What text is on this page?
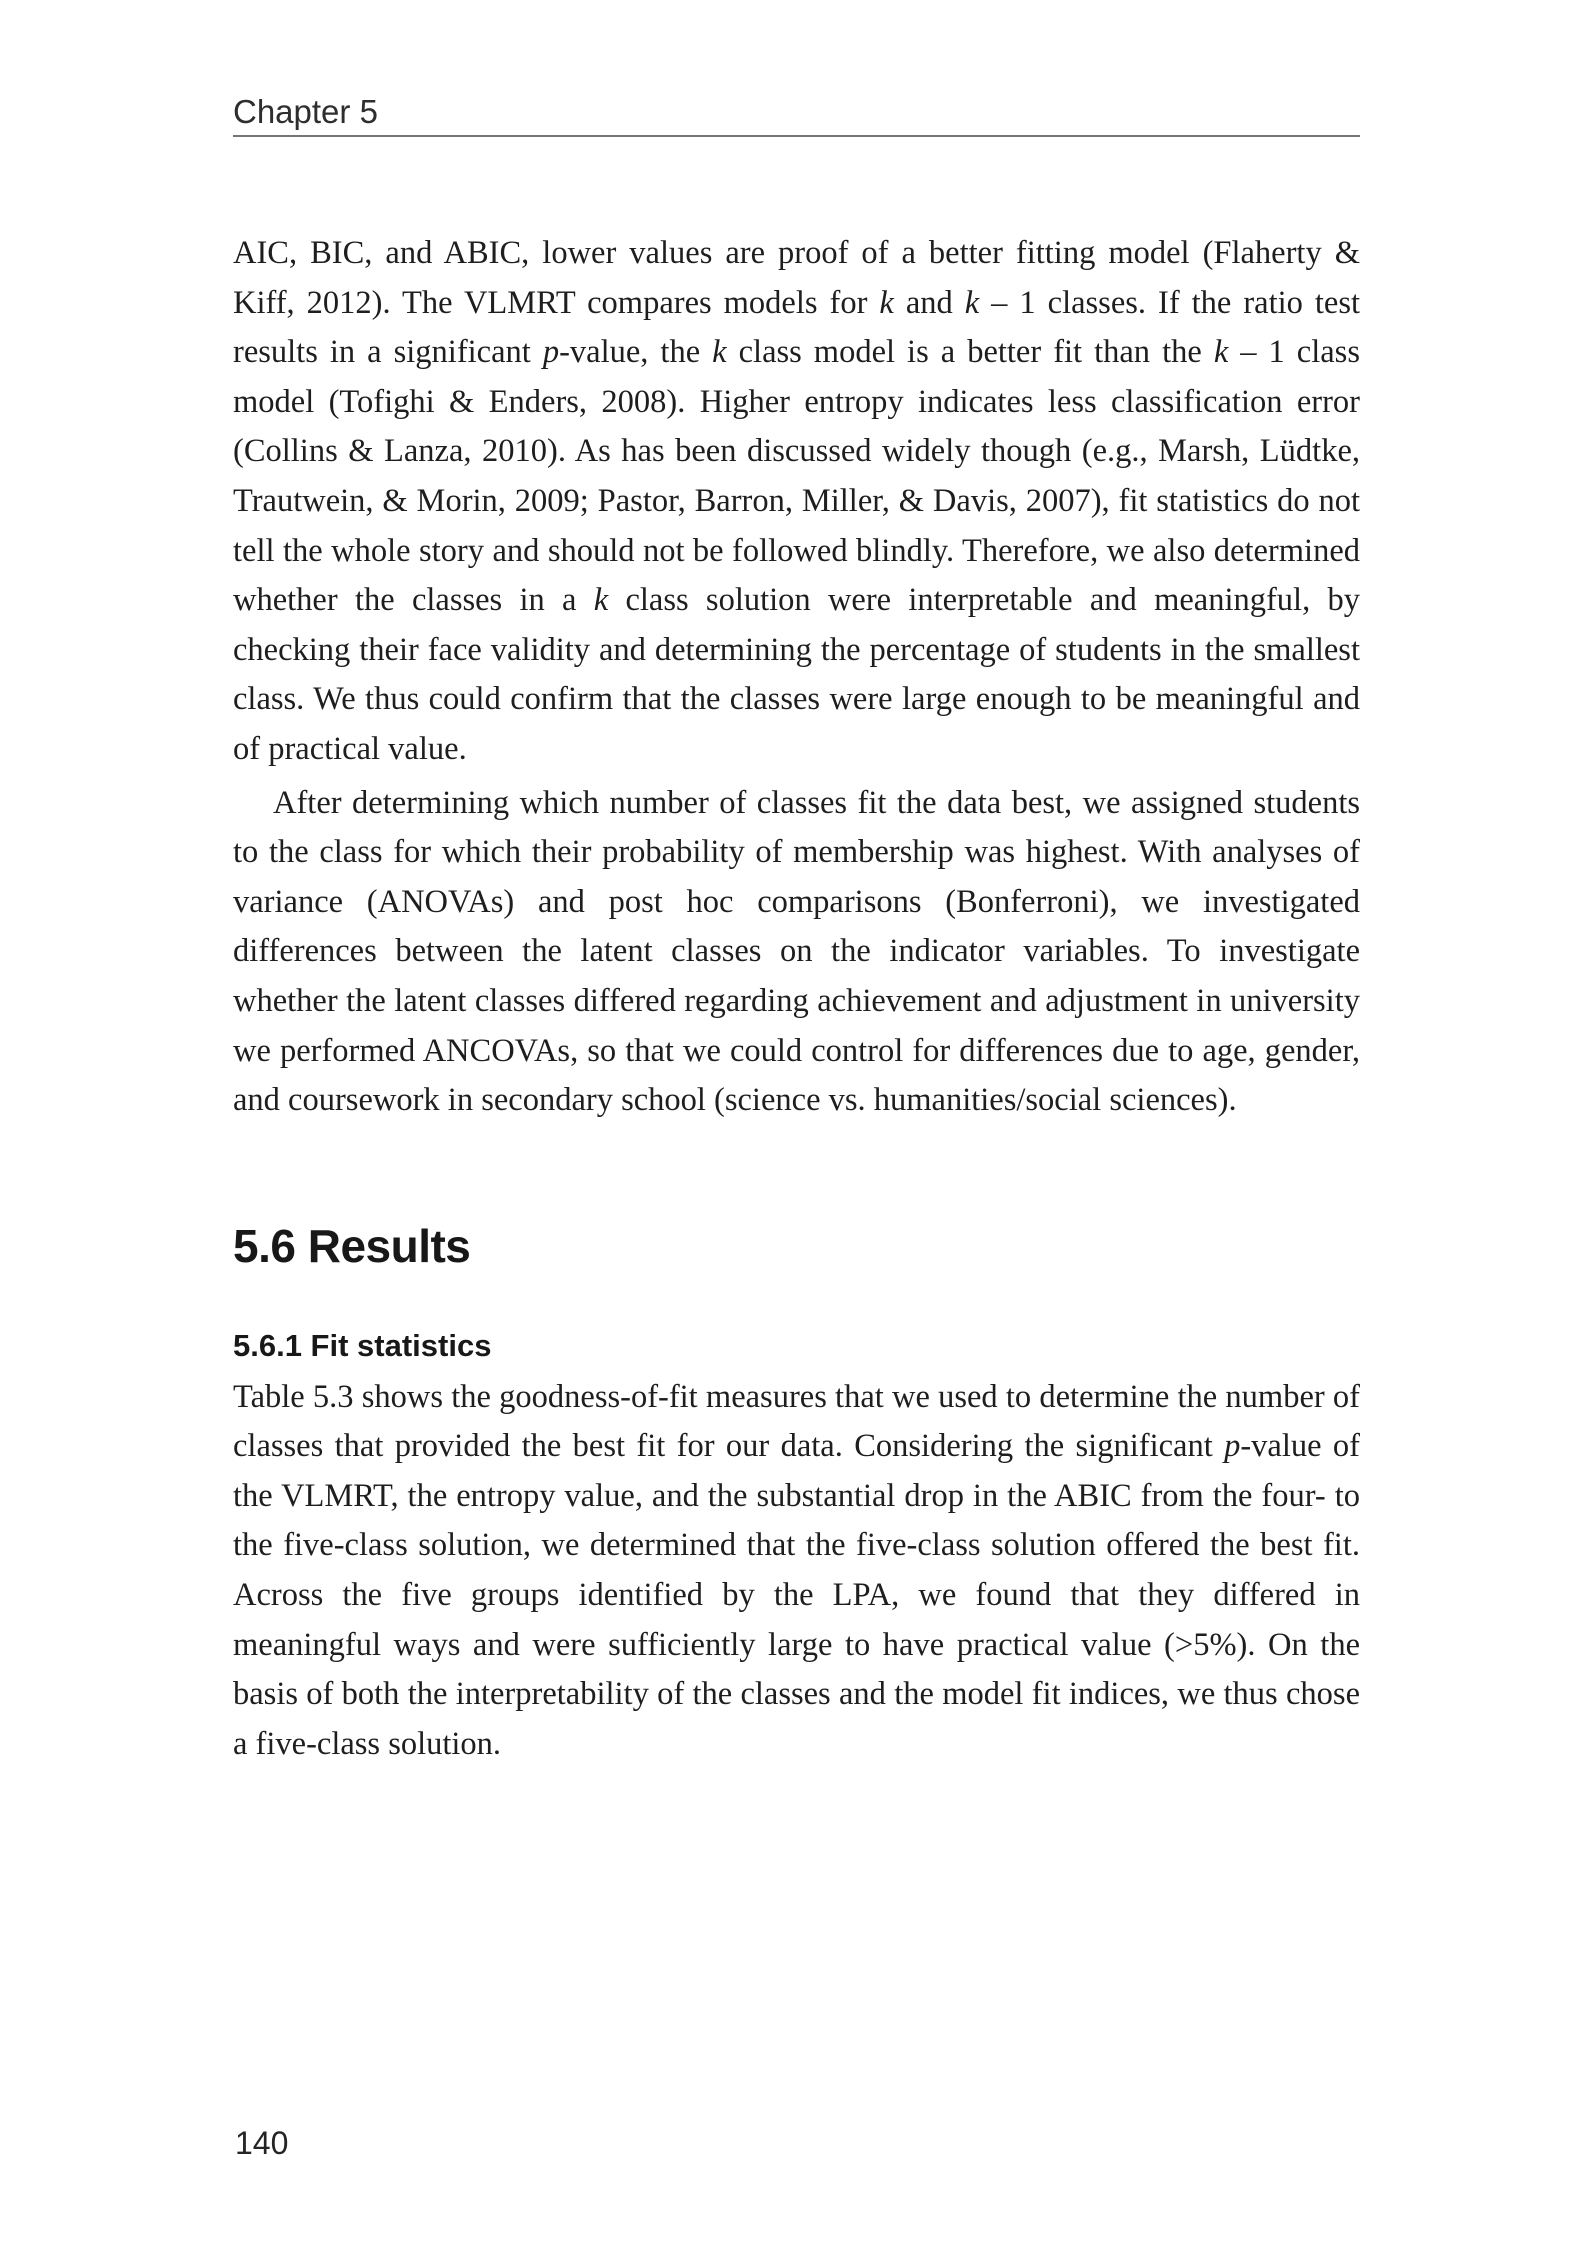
Chapter 5

AIC, BIC, and ABIC, lower values are proof of a better fitting model (Flaherty & Kiff, 2012). The VLMRT compares models for k and k – 1 classes. If the ratio test results in a significant p-value, the k class model is a better fit than the k – 1 class model (Tofighi & Enders, 2008). Higher entropy indicates less classification error (Collins & Lanza, 2010). As has been discussed widely though (e.g., Marsh, Lüdtke, Trautwein, & Morin, 2009; Pastor, Barron, Miller, & Davis, 2007), fit statistics do not tell the whole story and should not be followed blindly. Therefore, we also determined whether the classes in a k class solution were interpretable and meaningful, by checking their face validity and determining the percentage of students in the smallest class. We thus could confirm that the classes were large enough to be meaningful and of practical value.

After determining which number of classes fit the data best, we assigned students to the class for which their probability of membership was highest. With analyses of variance (ANOVAs) and post hoc comparisons (Bonferroni), we investigated differences between the latent classes on the indicator variables. To investigate whether the latent classes differed regarding achievement and adjustment in university we performed ANCOVAs, so that we could control for differences due to age, gender, and coursework in secondary school (science vs. humanities/social sciences).

5.6 Results
5.6.1 Fit statistics

Table 5.3 shows the goodness-of-fit measures that we used to determine the number of classes that provided the best fit for our data. Considering the significant p-value of the VLMRT, the entropy value, and the substantial drop in the ABIC from the four- to the five-class solution, we determined that the five-class solution offered the best fit. Across the five groups identified by the LPA, we found that they differed in meaningful ways and were sufficiently large to have practical value (>5%). On the basis of both the interpretability of the classes and the model fit indices, we thus chose a five-class solution.

140
